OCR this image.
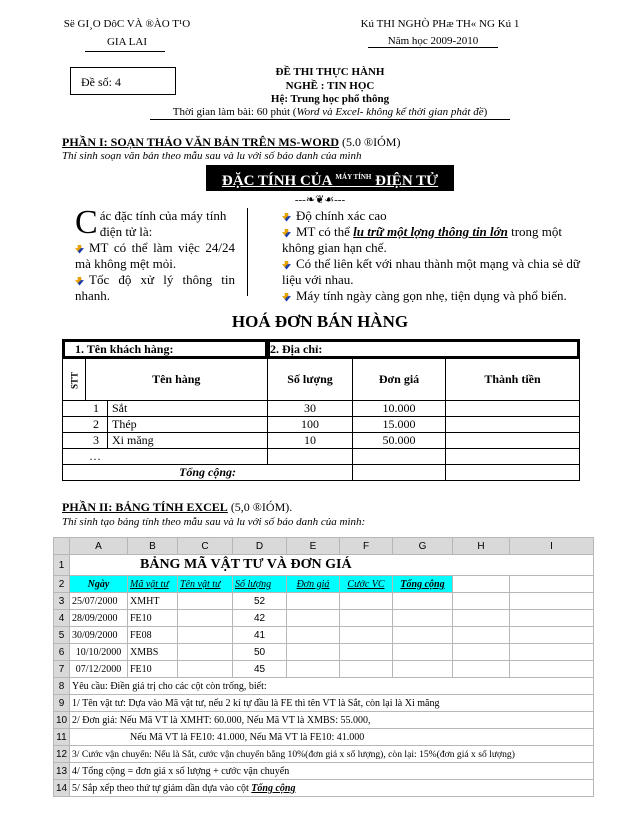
Së GI¸O DôC VÀ ®ÀO T¹O
GIA LAI
Kú THI NGHÒ PHæ TH« NG Kú 1
Năm học 2009-2010
Đề số: 4
ĐỀ THI THỰC HÀNH
NGHỀ : TIN HỌC
Hệ: Trung học phổ thông
Thời gian làm bài: 60 phút (Word và Excel- không kể thời gian phát đề)
PHẦN I: SOẠN THẢO VĂN BẢN TRÊN MS-WORD (5.0 ®IÓM)
Thí sinh soạn văn bản theo mẫu sau và lu với số báo danh của mình
ĐẶC TÍNH CỦA $^{MÁY TÍNH}$ ĐIỆN TỬ
---❧❦☙---
Các đặc tính của máy tính điện tử là:
MT có thể làm việc 24/24 mà không mệt mỏi.
Tốc độ xử lý thông tin nhanh.
Độ chính xác cao
MT có thể lu trữ một lợng thông tin lớn trong một không gian hạn chế.
Có thể liên kết với nhau thành một mạng và chia sẻ dữ liệu với nhau.
Máy tính ngày càng gọn nhẹ, tiện dụng và phổ biến.
HOÁ ĐƠN BÁN HÀNG
1. Tên khách hàng:			2. Địa chỉ:		

STT	Tên hàng		Số lượng	Đơn giá	Thành tiền
	1	Sắt	30	10.000	
	2	Thép	100	15.000	
	3	Xi măng	10	50.000	
	…				
Tổng cộng:					
PHẦN II: BẢNG TÍNH EXCEL (5,0 ®IÓM).
Thí sinh tạo bảng tính theo mẫu sau và lu với số báo danh của mình:
	A	B	C	D	E	F	G	H	I
1	BẢNG MÃ VẬT TƯ VÀ ĐƠN GIÁ								
2	Ngày	Mã vật tư	Tên vật tư	Số lượng	Đơn giá	Cước VC	Tổng cộng		
3	25/07/2000	XMHT		52					
4	28/09/2000	FE10		42					
5	30/09/2000	FE08		41					
6	10/10/2000	XMBS		50					
7	07/12/2000	FE10		45					
8	Yêu cầu: Điền giá trị cho các cột còn trống, biết:								
9	1/ Tên vật tư: Dựa vào Mã vật tư, nếu 2 kí tự đầu là FE thì tên VT là Sắt, còn lại là Xi măng								
10	2/ Đơn giá: Nếu Mã VT là XMHT: 60.000, Nếu Mã VT là XMBS: 55.000,								
11	Nếu Mã VT là FE10: 41.000, Nếu Mã VT là FE10: 41.000								
12	3/ Cước vận chuyển: Nếu là Sắt, cước vận chuyển bằng 10%(đơn giá x số lượng), còn lại: 15%(đơn giá x số lượng)								
13	4/ Tổng cộng = đơn giá x số lượng + cước vận chuyển								
14	5/ Sắp xếp theo thứ tự giảm dần dựa vào cột Tổng cộng								
